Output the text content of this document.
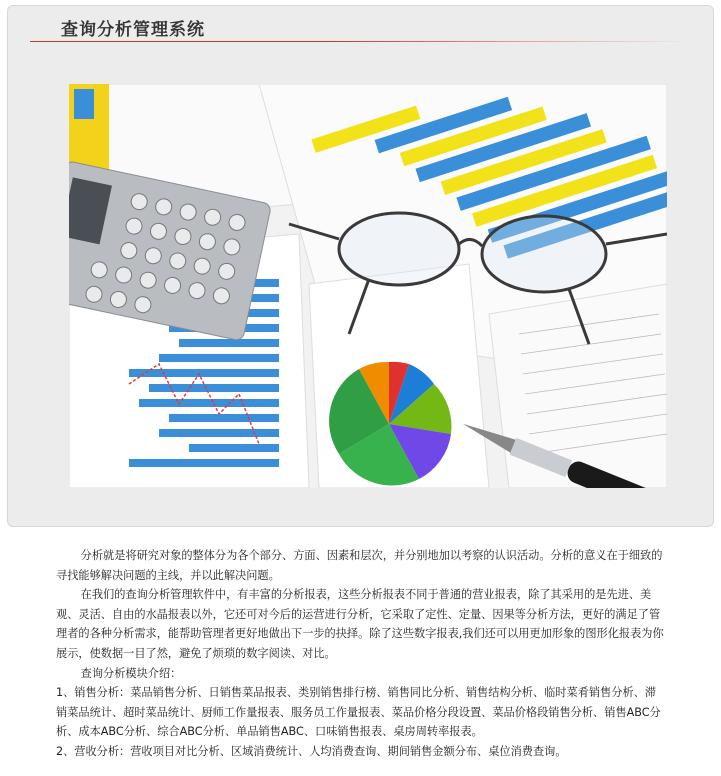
查询分析管理系统

分析就是将研究对象的整体分为各个部分、方面、因素和层次，并分别地加以考察的认识活动。分析的意义在于细致的寻找能够解决问题的主线，并以此解决问题。

在我们的查询分析管理软件中，有丰富的分析报表，这些分析报表不同于普通的营业报表，除了其采用的是先进、美观、灵活、自由的水晶报表以外，它还可对今后的运营进行分析，它采取了定性、定量、因果等分析方法，更好的满足了管理者的各种分析需求，能帮助管理者更好地做出下一步的抉择。除了这些数字报表,我们还可以用更加形象的图形化报表为你展示，使数据一目了然，避免了烦琐的数字阅读、对比。

查询分析模块介绍：

1、销售分析：菜品销售分析、日销售菜品报表、类别销售排行榜、销售同比分析、销售结构分析、临时菜肴销售分析、滞销菜品统计、超时菜品统计、厨师工作量报表、服务员工作量报表、菜品价格分段设置、菜品价格段销售分析、销售ABC分析、成本ABC分析、综合ABC分析、单品销售ABC、口味销售报表、桌房周转率报表。

2、营收分析：营收项目对比分析、区域消费统计、人均消费查询、期间销售金额分布、桌位消费查询。
